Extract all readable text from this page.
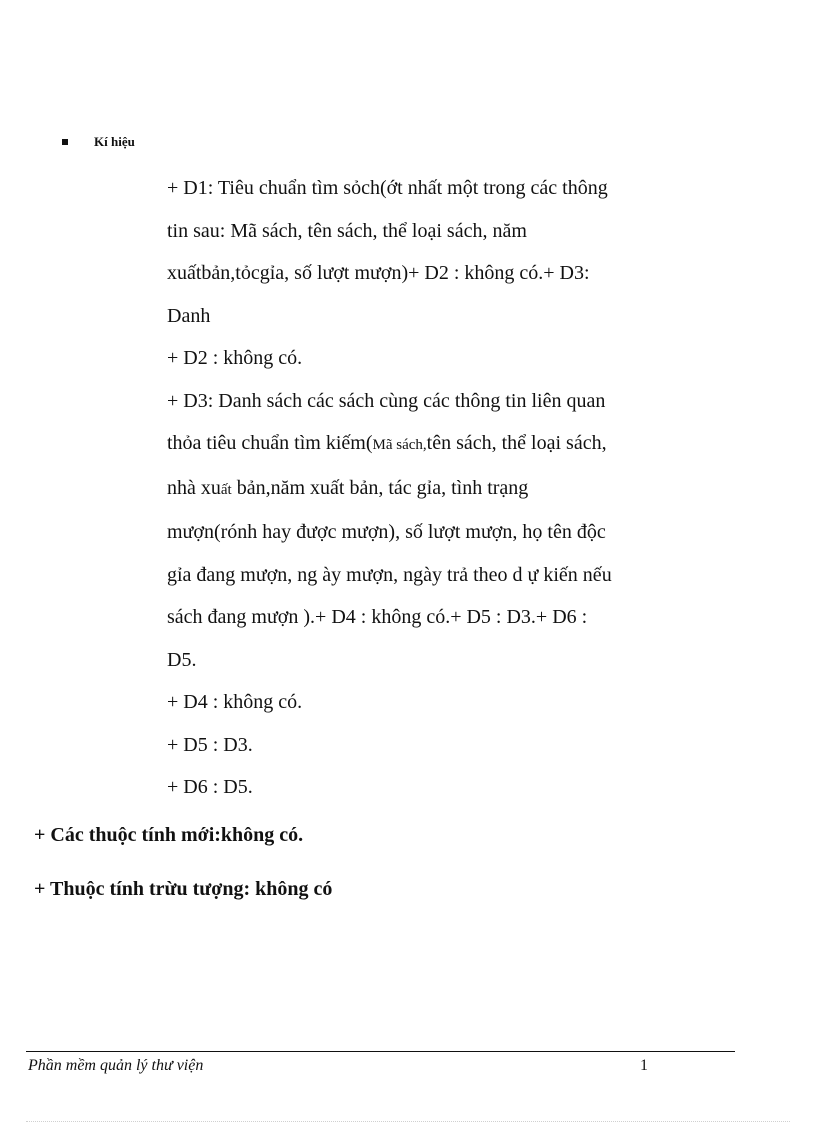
Kí hiệu

+ D1: Tiêu chuẩn tìm sỏch(ớt nhất một trong các thông

tin sau: Mã sách, tên sách, thể loại sách, năm

xuấtbản,tỏcgỉa, số lượt mượn)+ D2 : không có.+ D3:

Danh

+ D2 : không có.

+ D3: Danh sách các sách cùng các thông tin liên quan

thỏa tiêu chuẩn tìm kiếm(Mã sách,tên sách, thể loại sách,

nhà xuất bản,năm xuất bản, tác gỉa, tình trạng

mượn(rónh hay được mượn), số lượt mượn, họ tên độc

gỉa đang mượn, ng ày mượn, ngày trả theo d ự kiến nếu

sách đang mượn ).+ D4 : không có.+ D5 : D3.+ D6 :

D5.

+ D4 : không có.

+ D5 : D3.

+ D6 : D5.

+ Các thuộc tính mới:không có.
+ Thuộc tính trừu tượng: không có
Phần mềm quản lý thư viện	1
